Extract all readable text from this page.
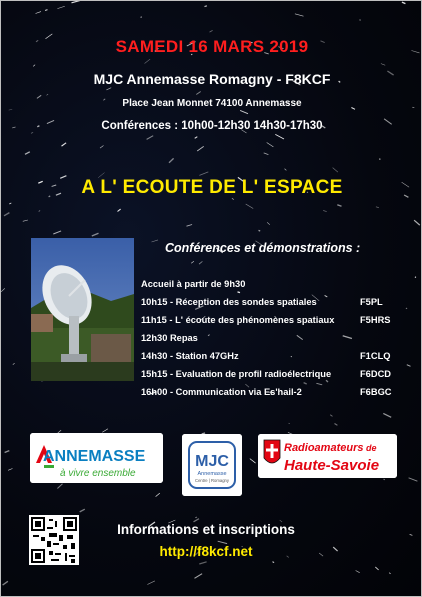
SAMEDI 16 MARS 2019
MJC Annemasse Romagny - F8KCF
Place Jean Monnet 74100 Annemasse
Conférences : 10h00-12h30 14h30-17h30
A L' ECOUTE DE L' ESPACE
Conférences et démonstrations :
Accueil à partir de 9h30
10h15 - Réception des sondes spatiales	F5PL
11h15 - L' écoute des phénomènes spatiaux	F5HRS
12h30 Repas
14h30 - Station 47GHz	F1CLQ
15h15 - Evaluation de profil radioélectrique	F6DCD
16h00 - Communication via Es'hail-2	F6BGC
ANNEMASSE
à vivre ensemble
MJC
Annemasse
Centre | Romagny
Radioamateurs de
Haute-Savoie
Informations et inscriptions
http://f8kcf.net
